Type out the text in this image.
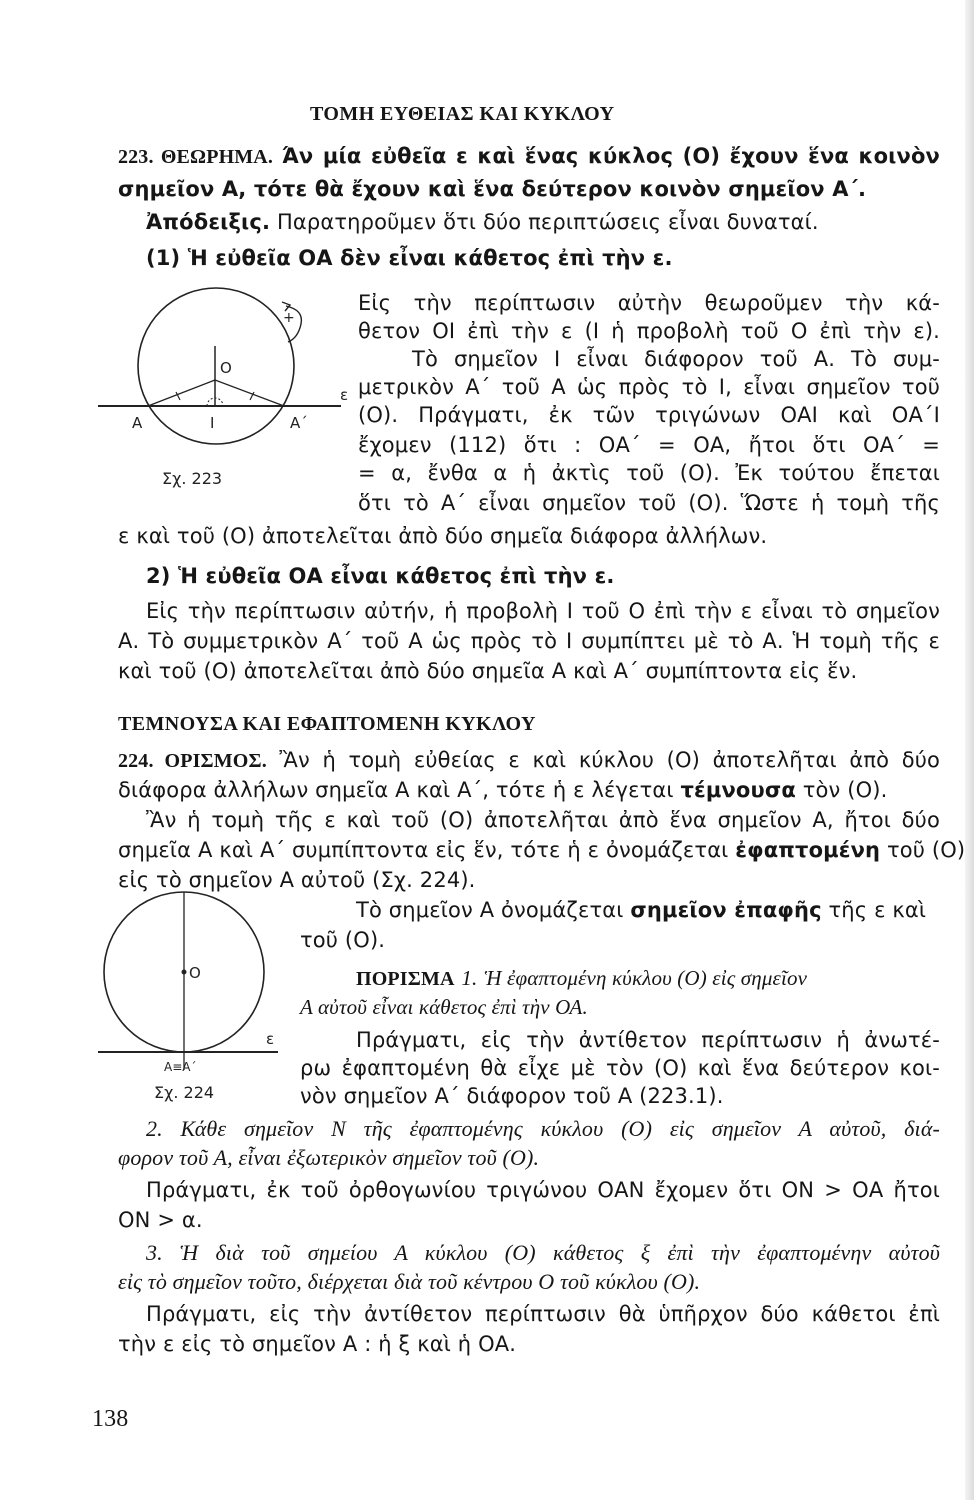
ΤΟΜΗ ΕΥΘΕΙΑΣ ΚΑΙ ΚΥΚΛΟΥ

223. ΘΕΩΡΗΜΑ. Άν μία εὐθεῖα ε καὶ ἕνας κύκλος (Ο) ἔχουν ἕνα κοινὸν

σημεῖον Α, τότε θὰ ἔχουν καὶ ἕνα δεύτερον κοινὸν σημεῖον Α΄.

Ἀπόδειξις. Παρατηροῦμεν ὅτι δύο περιπτώσεις εἶναι δυναταί.

(1) Ἡ εὐθεῖα ΟΑ δὲν εἶναι κάθετος ἐπὶ τὴν ε.

+
Ο
Α	Ι	Α΄
ε
Σχ. 223

Εἰς τὴν περίπτωσιν αὐτὴν θεωροῦμεν τὴν κά-

θετον ΟΙ ἐπὶ τὴν ε (Ι ἡ προβολὴ τοῦ Ο ἐπὶ τὴν ε).

Τὸ σημεῖον Ι εἶναι διάφορον τοῦ Α. Τὸ συμ-

μετρικὸν Α΄ τοῦ Α ὡς πρὸς τὸ Ι, εἶναι σημεῖον τοῦ

(Ο). Πράγματι, ἐκ τῶν τριγώνων ΟΑΙ καὶ ΟΑ΄Ι

ἔχομεν (112) ὅτι : ΟΑ΄ = ΟΑ, ἤτοι ὅτι ΟΑ΄ =

= α, ἔνθα α ἡ ἀκτὶς τοῦ (Ο). Ἐκ τούτου ἔπεται

ὅτι τὸ Α΄ εἶναι σημεῖον τοῦ (Ο). Ὥστε ἡ τομὴ τῆς

ε καὶ τοῦ (Ο) ἀποτελεῖται ἀπὸ δύο σημεῖα διάφορα ἀλλήλων.

2) Ἡ εὐθεῖα ΟΑ εἶναι κάθετος ἐπὶ τὴν ε.

Εἰς τὴν περίπτωσιν αὐτήν, ἡ προβολὴ Ι τοῦ Ο ἐπὶ τὴν ε εἶναι τὸ σημεῖον

Α. Τὸ συμμετρικὸν Α΄ τοῦ Α ὡς πρὸς τὸ Ι συμπίπτει μὲ τὸ Α. Ἡ τομὴ τῆς ε

καὶ τοῦ (Ο) ἀποτελεῖται ἀπὸ δύο σημεῖα Α καὶ Α΄ συμπίπτοντα εἰς ἕν.

ΤΕΜΝΟΥΣΑ ΚΑΙ ΕΦΑΠΤΟΜΕΝΗ ΚΥΚΛΟΥ

224. ΟΡΙΣΜΟΣ. Ἂν ἡ τομὴ εὐθείας ε καὶ κύκλου (Ο) ἀποτελῆται ἀπὸ δύο

διάφορα ἀλλήλων σημεῖα Α καὶ Α΄, τότε ἡ ε λέγεται τέμνουσα τὸν (Ο).

Ἂν ἡ τομὴ τῆς ε καὶ τοῦ (Ο) ἀποτελῆται ἀπὸ ἕνα σημεῖον Α, ἤτοι δύο

σημεῖα Α καὶ Α΄ συμπίπτοντα εἰς ἕν, τότε ἡ ε ὀνομάζεται ἐφαπτομένη τοῦ (Ο)

εἰς τὸ σημεῖον Α αὐτοῦ (Σχ. 224).

Ο
Α≡Α΄
ε
Σχ. 224

Τὸ σημεῖον Α ὀνομάζεται σημεῖον ἐπαφῆς τῆς ε καὶ

τοῦ (Ο).

ΠΟΡΙΣΜΑ 1. Ἡ ἐφαπτομένη κύκλου (Ο) εἰς σημεῖον

Α αὐτοῦ εἶναι κάθετος ἐπὶ τὴν ΟΑ.

Πράγματι, εἰς τὴν ἀντίθετον περίπτωσιν ἡ ἀνωτέ-

ρω ἐφαπτομένη θὰ εἶχε μὲ τὸν (Ο) καὶ ἕνα δεύτερον κοι-

νὸν σημεῖον Α΄ διάφορον τοῦ Α (223.1).

2. Κάθε σημεῖον Ν τῆς ἐφαπτομένης κύκλου (Ο) εἰς σημεῖον Α αὐτοῦ, διά-

φορον τοῦ Α, εἶναι ἐξωτερικὸν σημεῖον τοῦ (Ο).

Πράγματι, ἐκ τοῦ ὀρθογωνίου τριγώνου ΟΑΝ ἔχομεν ὅτι ΟΝ > ΟΑ ἤτοι

ΟΝ > α.

3. Ἡ διὰ τοῦ σημείου Α κύκλου (Ο) κάθετος ξ ἐπὶ τὴν ἐφαπτομένην αὐτοῦ

εἰς τὸ σημεῖον τοῦτο, διέρχεται διὰ τοῦ κέντρου Ο τοῦ κύκλου (Ο).

Πράγματι, εἰς τὴν ἀντίθετον περίπτωσιν θὰ ὑπῆρχον δύο κάθετοι ἐπὶ

τὴν ε εἰς τὸ σημεῖον Α : ἡ ξ καὶ ἡ ΟΑ.

138
